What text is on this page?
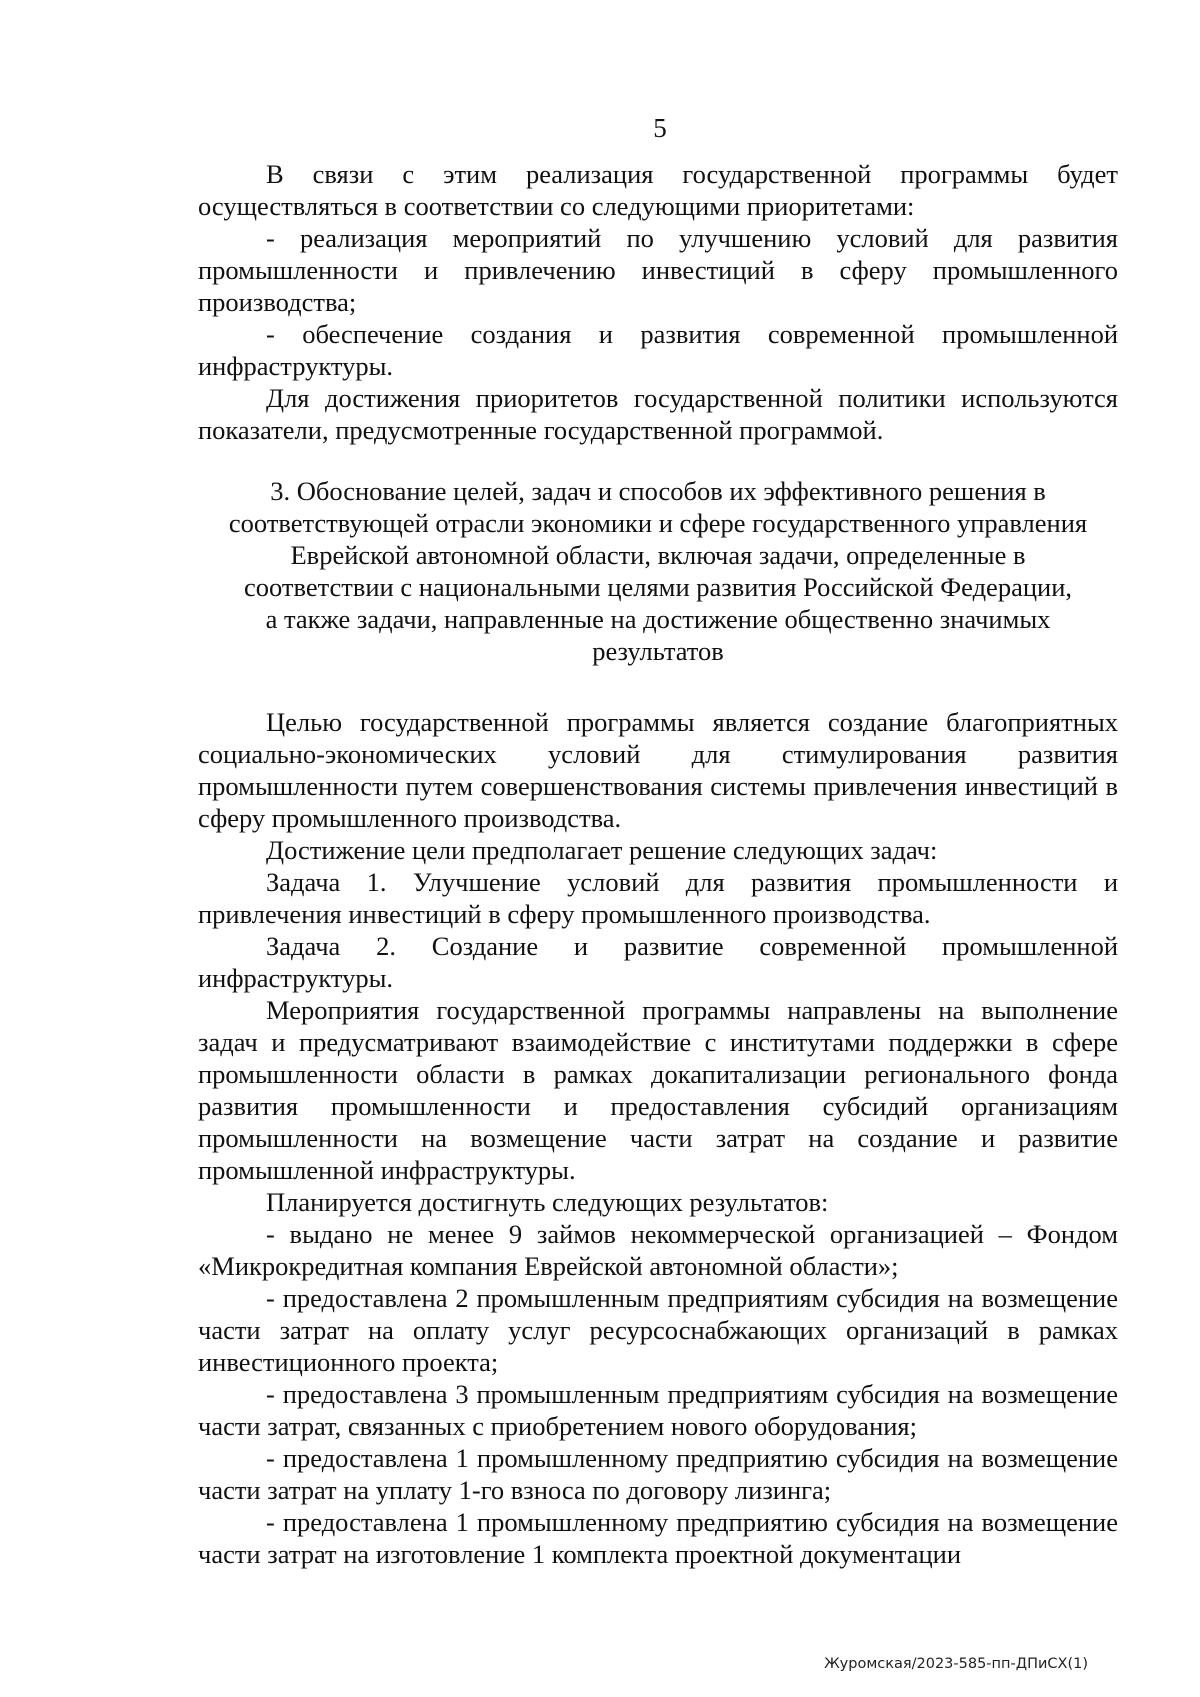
5

В связи с этим реализация государственной программы будет осуществляться в соответствии со следующими приоритетами:

- реализация мероприятий по улучшению условий для развития промышленности и привлечению инвестиций в сферу промышленного производства;

- обеспечение создания и развития современной промышленной инфраструктуры.

Для достижения приоритетов государственной политики используются показатели, предусмотренные государственной программой.

3. Обоснование целей, задач и способов их эффективного решения в
соответствующей отрасли экономики и сфере государственного управления
Еврейской автономной области, включая задачи, определенные в
соответствии с национальными целями развития Российской Федерации,
а также задачи, направленные на достижение общественно значимых
результатов

Целью государственной программы является создание благоприятных социально-экономических условий для стимулирования развития промышленности путем совершенствования системы привлечения инвестиций в сферу промышленного производства.

Достижение цели предполагает решение следующих задач:

Задача 1. Улучшение условий для развития промышленности и привлечения инвестиций в сферу промышленного производства.

Задача 2. Создание и развитие современной промышленной инфраструктуры.

Мероприятия государственной программы направлены на выполнение задач и предусматривают взаимодействие с институтами поддержки в сфере промышленности области в рамках докапитализации регионального фонда развития промышленности и предоставления субсидий организациям промышленности на возмещение части затрат на создание и развитие промышленной инфраструктуры.

Планируется достигнуть следующих результатов:

- выдано не менее 9 займов некоммерческой организацией – Фондом «Микрокредитная компания Еврейской автономной области»;

- предоставлена 2 промышленным предприятиям субсидия на возмещение части затрат на оплату услуг ресурсоснабжающих организаций в рамках инвестиционного проекта;

- предоставлена 3 промышленным предприятиям субсидия на возмещение части затрат, связанных с приобретением нового оборудования;

- предоставлена 1 промышленному предприятию субсидия на возмещение части затрат на уплату 1-го взноса по договору лизинга;

- предоставлена 1 промышленному предприятию субсидия на возмещение части затрат на изготовление 1 комплекта проектной документации

Журомская/2023-585-пп-ДПиСХ(1)
